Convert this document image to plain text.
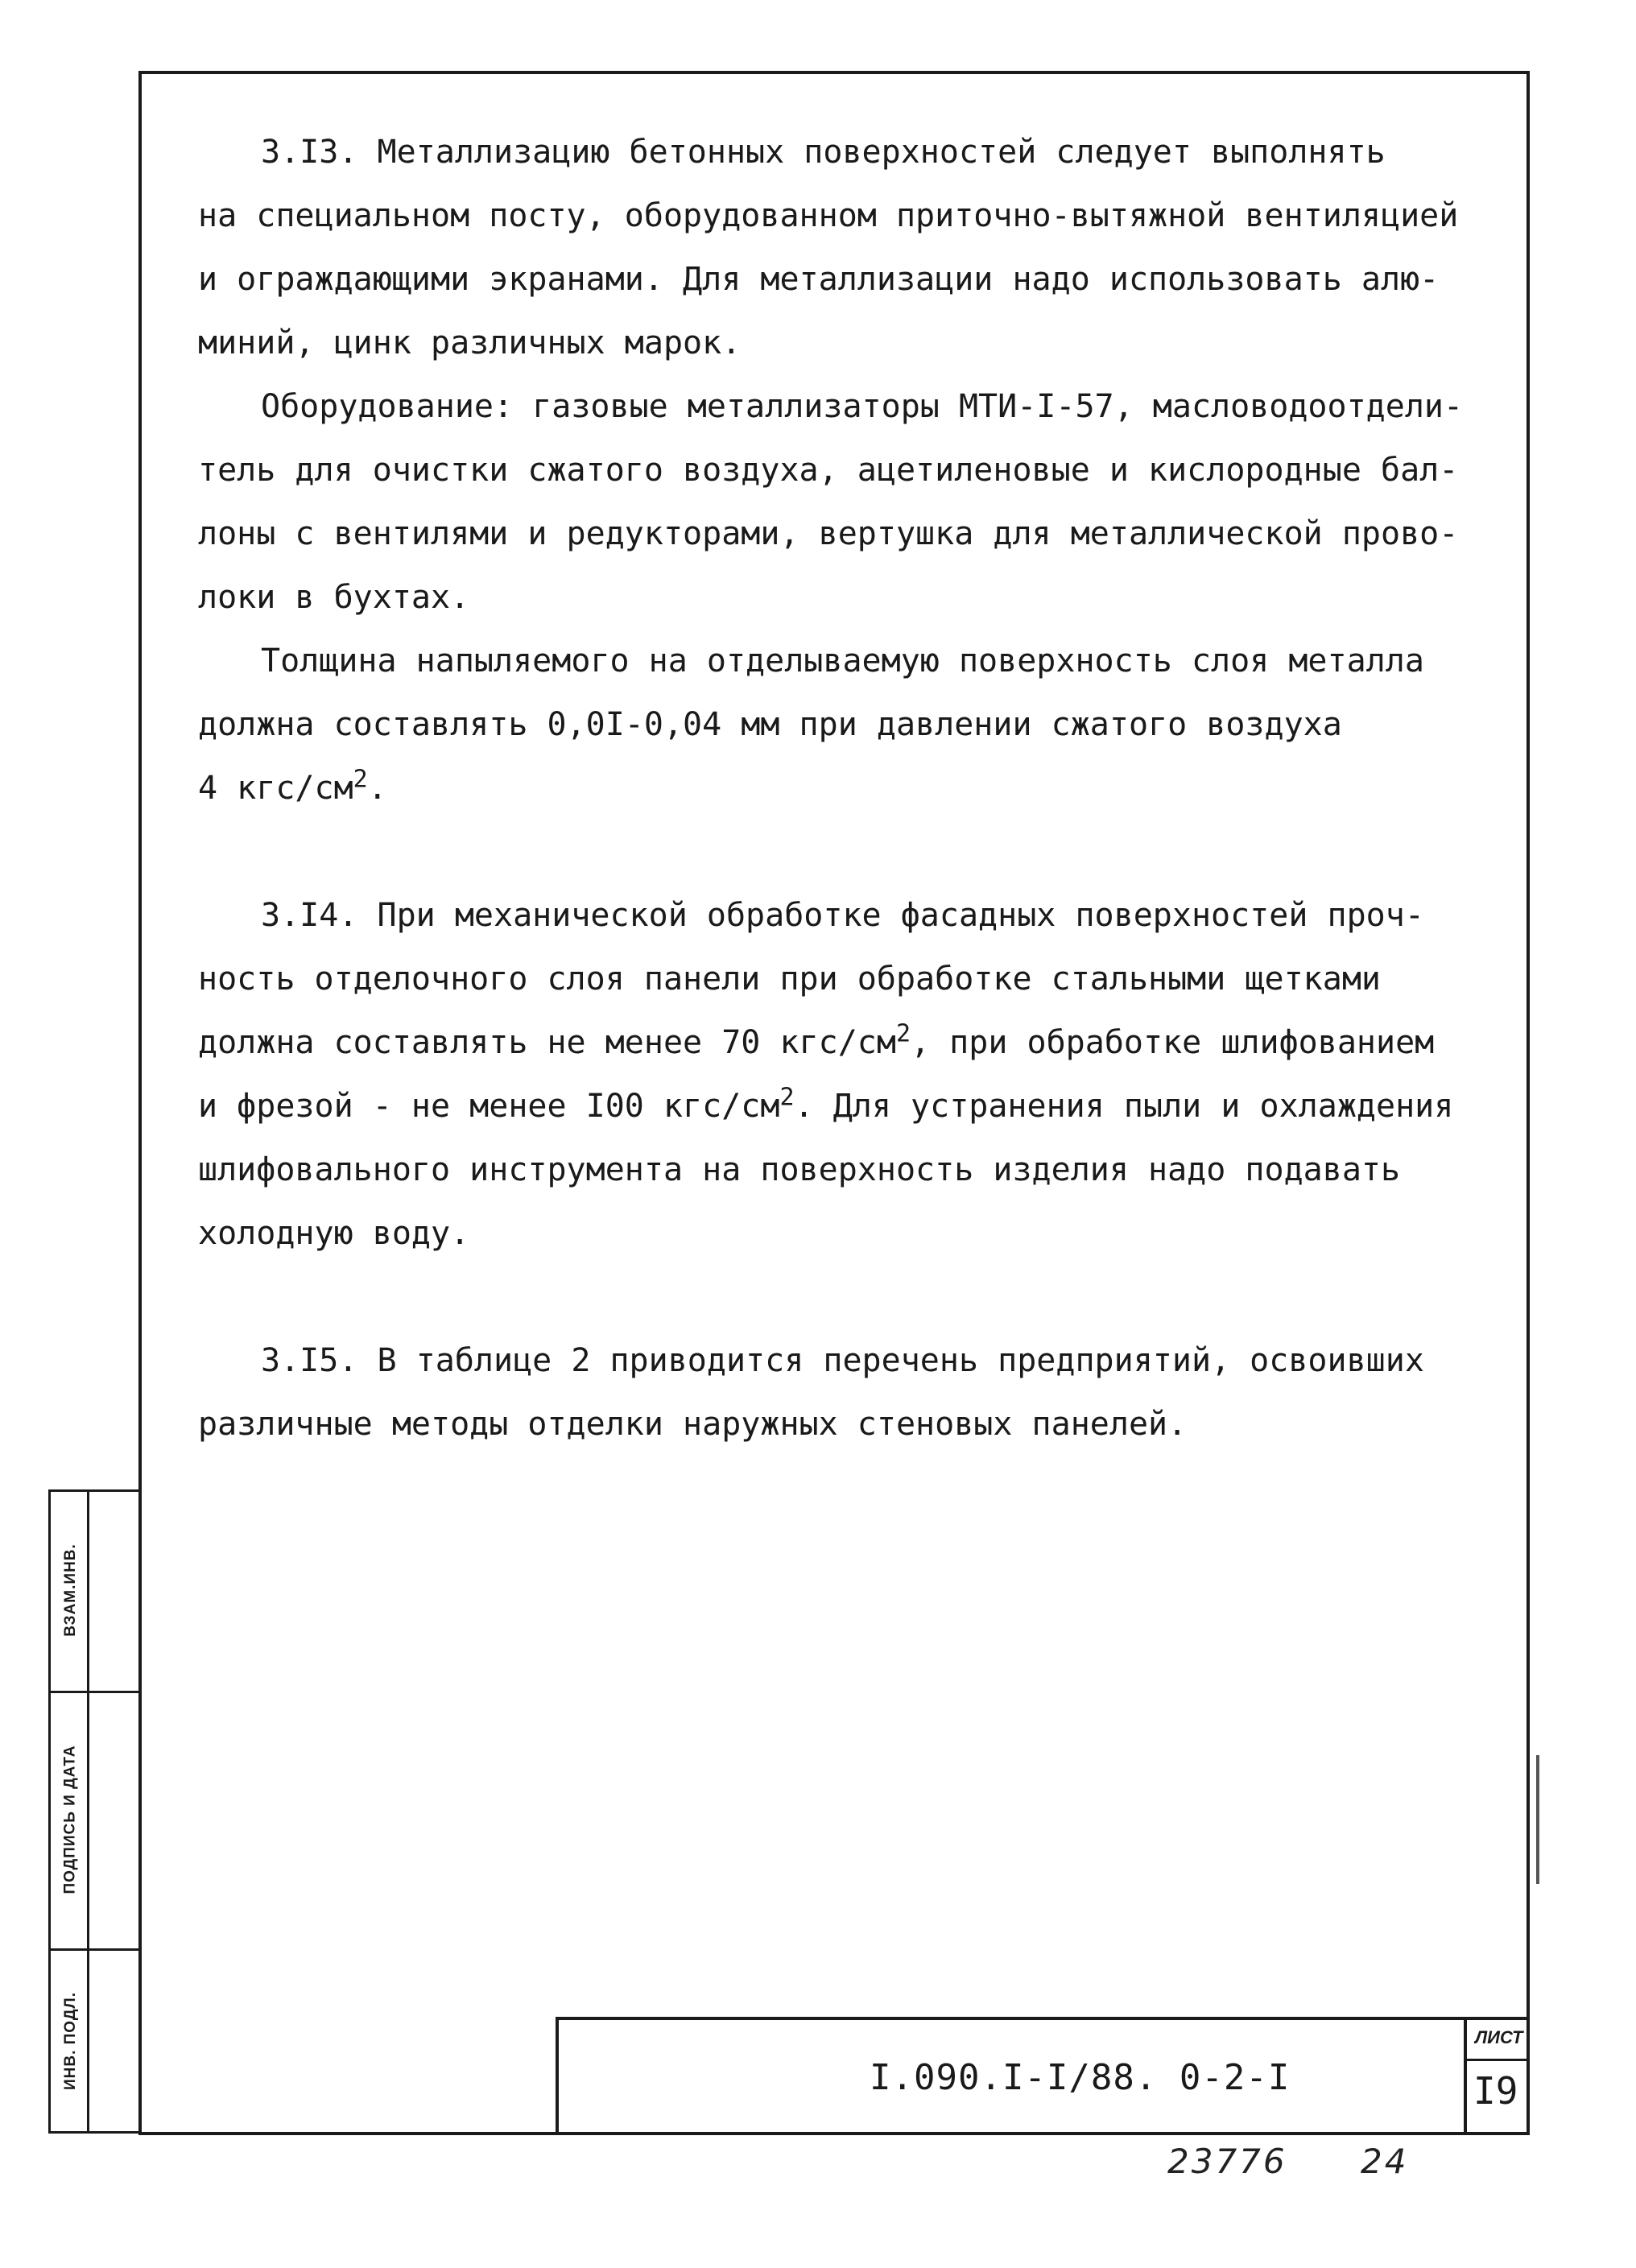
3.I3. Металлизацию бетонных поверхностей следует выполнять

на специальном посту, оборудованном приточно-вытяжной вентиляцией

и ограждающими экранами. Для металлизации надо использовать алю-

миний, цинк различных марок.

Оборудование: газовые металлизаторы МТИ-I-57, масловодоотдели-

тель для очистки сжатого воздуха, ацетиленовые и кислородные бал-

лоны с вентилями и редукторами, вертушка для металлической прово-

локи в бухтах.

Толщина напыляемого на отделываемую поверхность слоя металла

должна составлять 0,0I-0,04 мм при давлении сжатого воздуха

4 кгс/$см^2$.

3.I4. При механической обработке фасадных поверхностей проч-

ность отделочного слоя панели при обработке стальными щетками

должна составлять не менее 70 кгс/$см^2$, при обработке шлифованием

и фрезой - не менее I00 кгс/$см^2$. Для устранения пыли и охлаждения

шлифовального инструмента на поверхность изделия надо подавать

холодную воду.

3.I5. В таблице 2 приводится перечень предприятий, освоивших

различные методы отделки наружных стеновых панелей.

ВЗАМ.ИНВ.
ПОДПИСЬ И ДАТА
ИНВ. ПОДЛ.	I.090.I-I/88. 0-2-I
ЛИСТ
I9
23776 24
